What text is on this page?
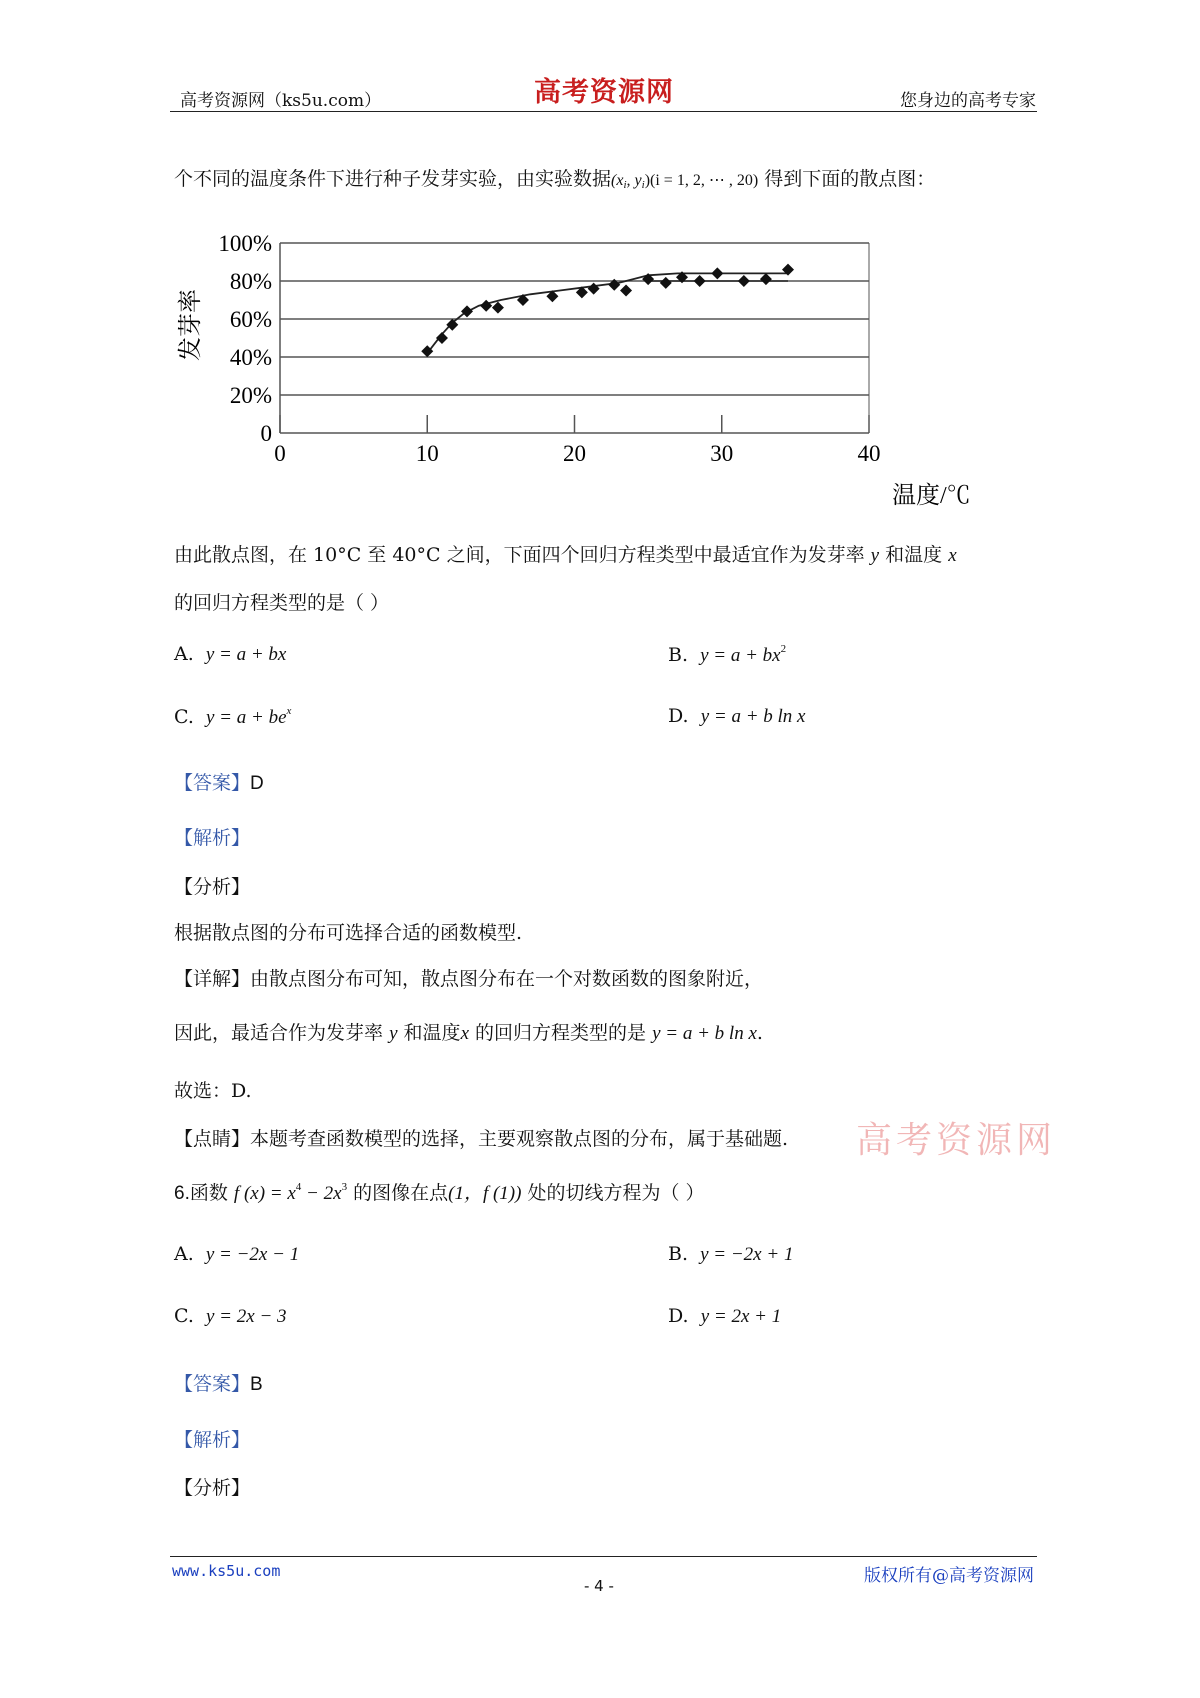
高考资源网（ks5u.com）	高考资源网	您身边的高考专家
个不同的温度条件下进行种子发芽实验，由实验数据($x_i$, $y_i)(i = 1$, 2, ⋯ , 20) 得到下面的散点图：
0
20%
40%
60%
80%
100%
0	10	20	30	40
发芽率
温度/℃
由此散点图，在 10°C 至 40°C 之间，下面四个回归方程类型中最适宜作为发芽率 y 和温度 x
的回归方程类型的是（ ）
A. y = a + bx	B. $y = a + bx^2$
C. $y = a + be^x$	D. y = a + b ln x
【答案】D
【解析】
【分析】
根据散点图的分布可选择合适的函数模型.
【详解】由散点图分布可知，散点图分布在一个对数函数的图象附近，
因此，最适合作为发芽率 y 和温度x 的回归方程类型的是 y = a + b ln x.
故选：D.
【点睛】本题考查函数模型的选择，主要观察散点图的分布，属于基础题. 高考资源网
6.函数 f $(x) = x^4 - 2x^3$ 的图像在点(1，f (1)) 处的切线方程为（ ）
A. y = −2x − 1	B. y = −2x + 1
C. y = 2x − 3	D. y = 2x + 1
【答案】B
【解析】
【分析】
www.ks5u.com
- 4 -	版权所有@高考资源网
